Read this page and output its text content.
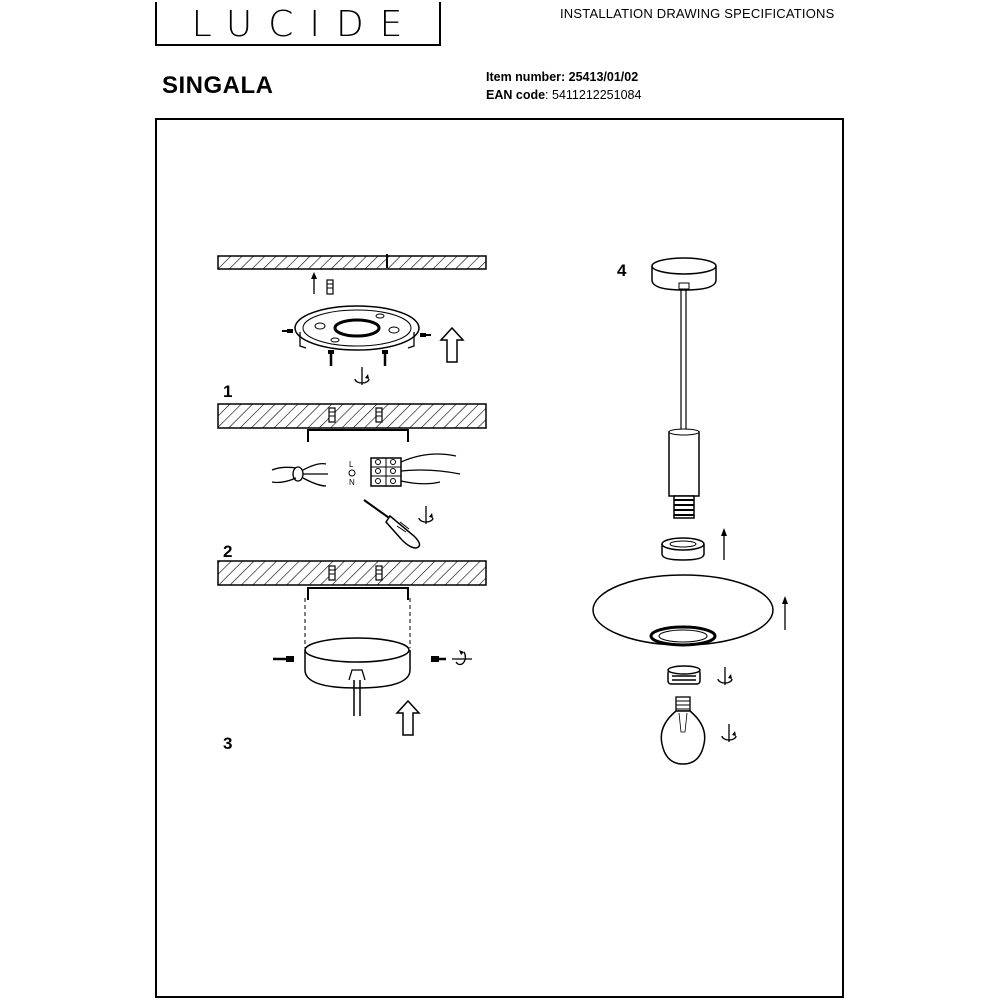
LUCIDE	INSTALLATION DRAWING SPECIFICATIONS
SINGALA	Item number: 25413/01/02
EAN code: 5411212251084
1
L
N
2
3
4
